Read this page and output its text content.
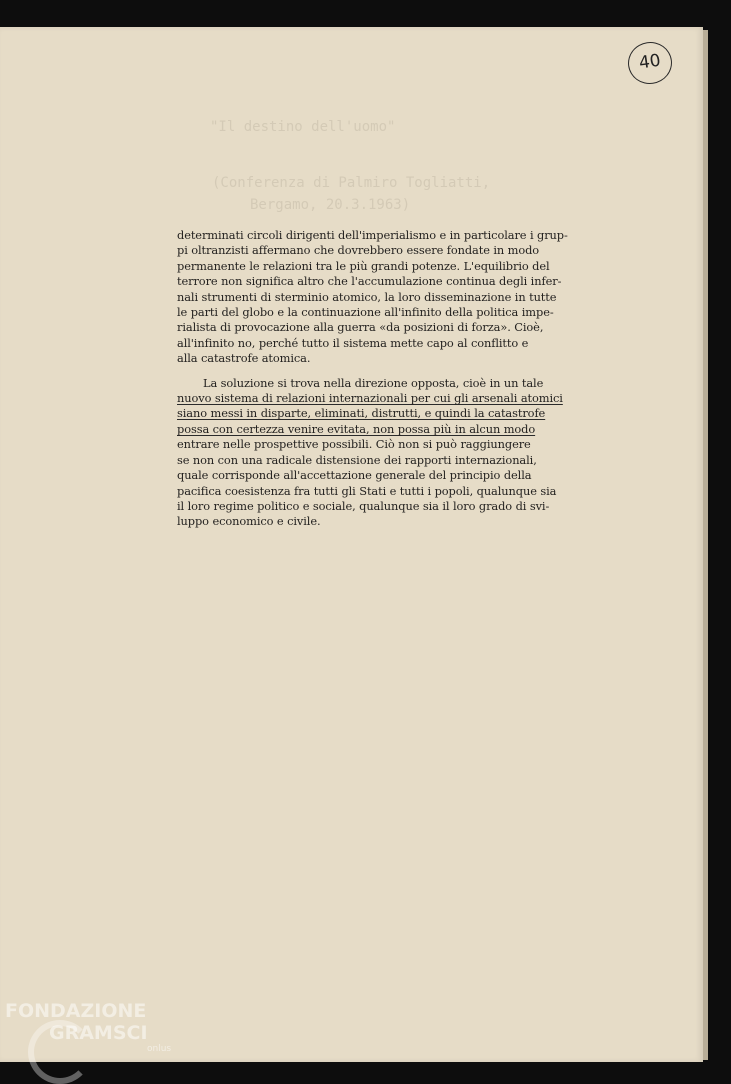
40
"Il destino dell'uomo"
(Conferenza di Palmiro Togliatti,
Bergamo, 20.3.1963)

determinati circoli dirigenti dell'imperialismo e in particolare i grup-
pi oltranzisti affermano che dovrebbero essere fondate in modo
permanente le relazioni tra le più grandi potenze. L'equilibrio del
terrore non significa altro che l'accumulazione continua degli infer-
nali strumenti di sterminio atomico, la loro disseminazione in tutte
le parti del globo e la continuazione all'infinito della politica impe-
rialista di provocazione alla guerra «da posizioni di forza». Cioè,
all'infinito no, perché tutto il sistema mette capo al conflitto e
alla catastrofe atomica.

La soluzione si trova nella direzione opposta, cioè in un tale
nuovo sistema di relazioni internazionali per cui gli arsenali atomici
siano messi in disparte, eliminati, distrutti, e quindi la catastrofe
possa con certezza venire evitata, non possa più in alcun modo
entrare nelle prospettive possibili. Ciò non si può raggiungere
se non con una radicale distensione dei rapporti internazionali,
quale corrisponde all'accettazione generale del principio della
pacifica coesistenza fra tutti gli Stati e tutti i popoli, qualunque sia
il loro regime politico e sociale, qualunque sia il loro grado di svi-
luppo economico e civile.

FONDAZIONE
GRAMSCI
onlus
